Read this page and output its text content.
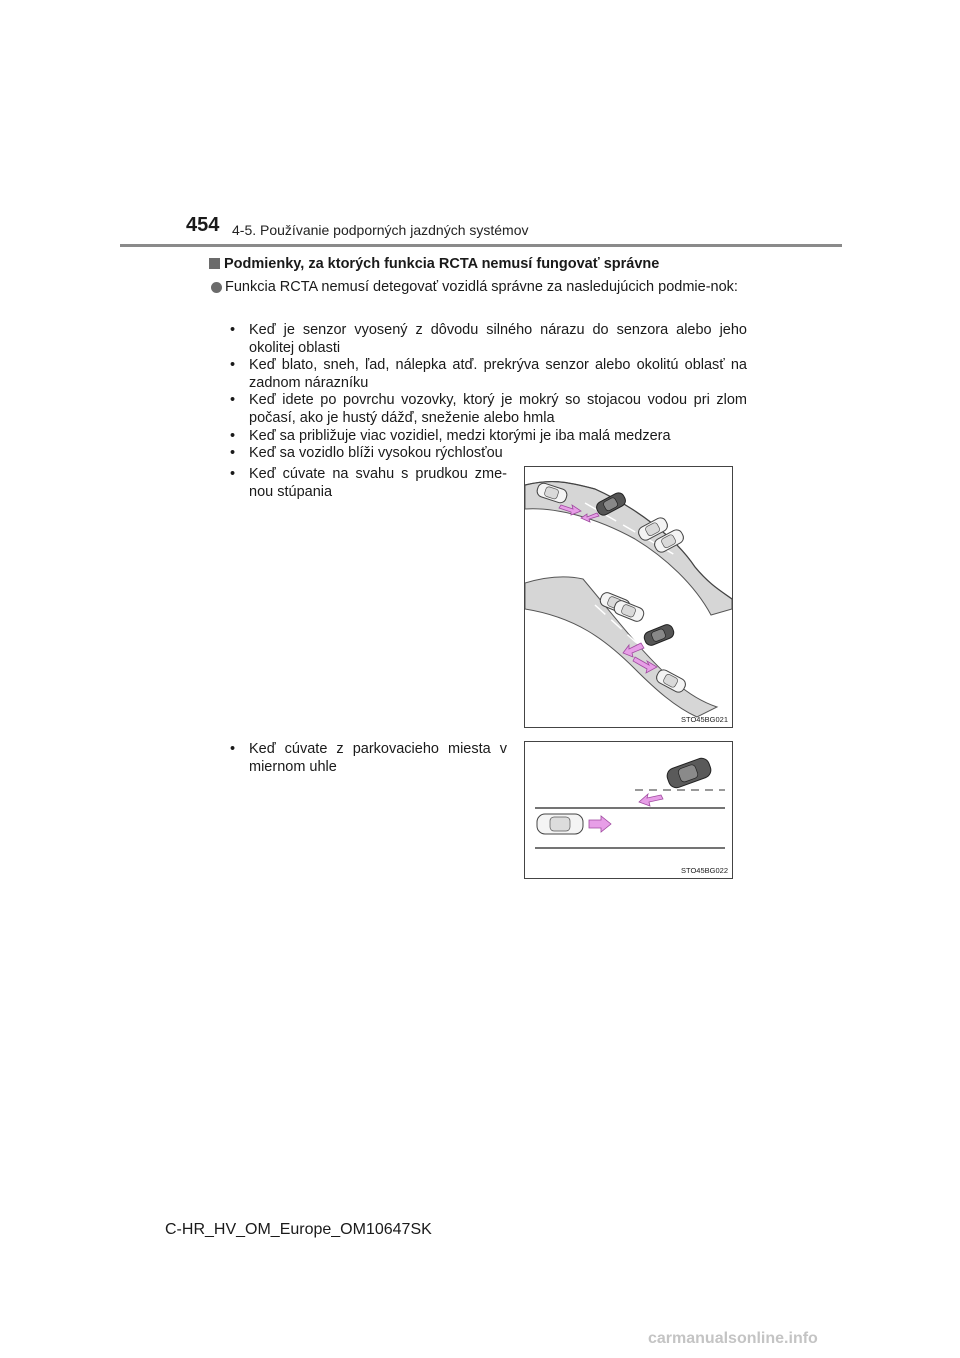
454 4-5. Používanie podporných jazdných systémov
Podmienky, za ktorých funkcia RCTA nemusí fungovať správne
Funkcia RCTA nemusí detegovať vozidlá správne za nasledujúcich podmie-nok:
• Keď je senzor vyosený z dôvodu silného nárazu do senzora alebo jeho okolitej oblasti
• Keď blato, sneh, ľad, nálepka atď. prekrýva senzor alebo okolitú oblasť na zadnom nárazníku
• Keď idete po povrchu vozovky, ktorý je mokrý so stojacou vodou pri zlom počasí, ako je hustý dážď, sneženie alebo hmla
• Keď sa približuje viac vozidiel, medzi ktorými je iba malá medzera
• Keď sa vozidlo blíži vysokou rýchlosťou
• Keď cúvate na svahu s prudkou zme-nou stúpania
• Keď cúvate z parkovacieho miesta v miernom uhle
STO45BG021
STO45BG022
C-HR_HV_OM_Europe_OM10647SK
carmanualsonline.info
